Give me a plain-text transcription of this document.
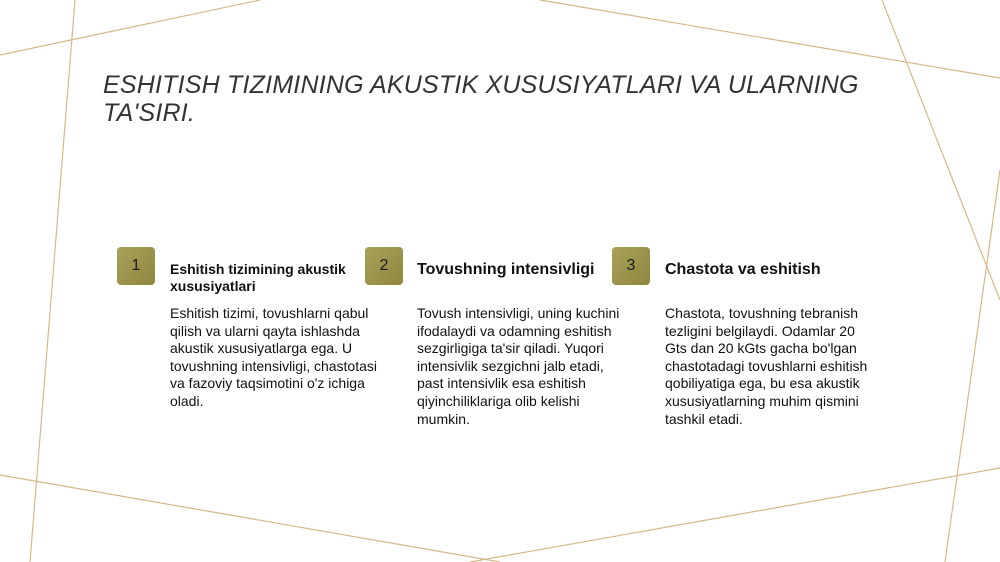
ESHITISH TIZIMINING AKUSTIK XUSUSIYATLARI VA ULARNING TA'SIRI.
1	Eshitish tizimining akustik xususiyatlari
Eshitish tizimi, tovushlarni qabul qilish va ularni qayta ishlashda akustik xususiyatlarga ega. U tovushning intensivligi, chastotasi va fazoviy taqsimotini o'z ichiga oladi.
2	Tovushning intensivligi
Tovush intensivligi, uning kuchini ifodalaydi va odamning eshitish sezgirligiga ta'sir qiladi. Yuqori intensivlik sezgichni jalb etadi, past intensivlik esa eshitish qiyinchiliklariga olib kelishi mumkin.
3	Chastota va eshitish
Chastota, tovushning tebranish tezligini belgilaydi. Odamlar 20 Gts dan 20 kGts gacha bo'lgan chastotadagi tovushlarni eshitish qobiliyatiga ega, bu esa akustik xususiyatlarning muhim qismini tashkil etadi.
